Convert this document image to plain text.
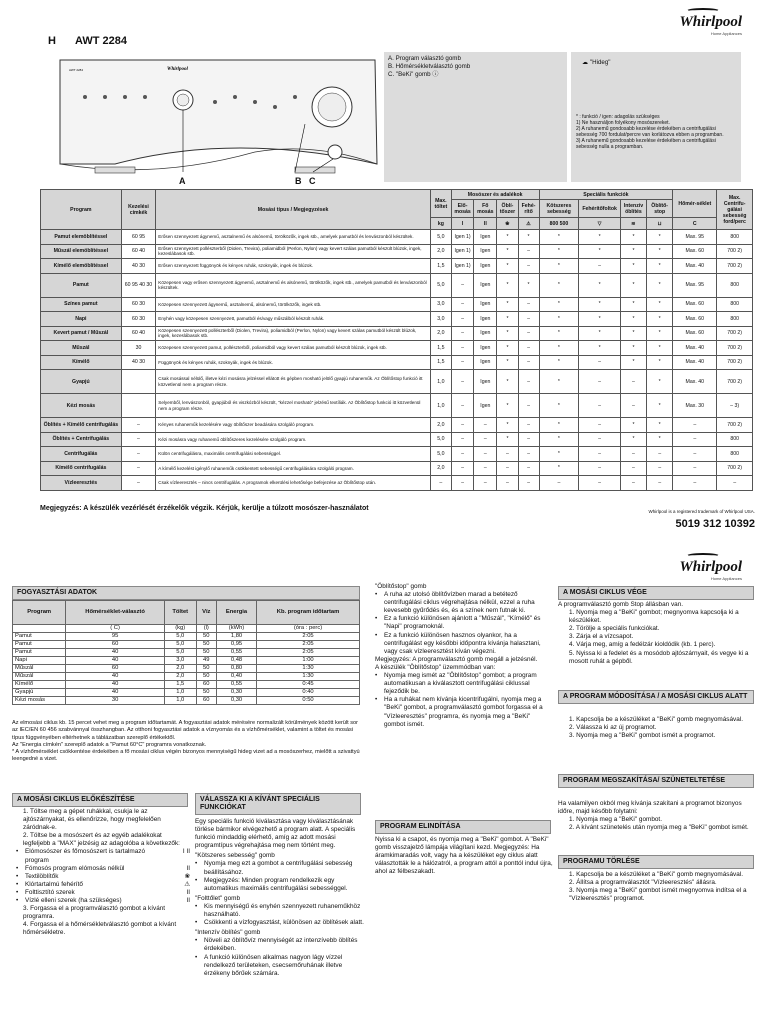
H AWT 2284
Whirlpool
Home Appliances
AWT 2284	Whirlpool
A	B C
A. Program választó gomb
B. Hőmérsékletválasztó gomb
C. "BeKi" gomb ⓘ
☁ "Hideg"
* : funkció / igen: adagolás szükséges
1) Ne használjon folyékony mosószereket.
2) A ruhanemű gondosabb kezelése érdekében a centrifugálási sebesség 700 fordulat/percre van korlátozva ebben a programban.
3) A ruhanemű gondosabb kezelése érdekében a centrifugálási sebesség nulla a programban.
Program	Kezelési címkék	Mosási típus / Megjegyzések	Max. töltet	Mosószer és adalékok				Speciális funkciók				Hőmér-séklet	Max. Centrifu-gálási sebesség ford/perc
				Elő-mosás	Fő mosás	Öblí-tőszer	Fehé-rítő	Kötszeres sebesség	Fehérítőfoltok	Intenzív öblítés	Öblítő-stop		
			kg	I	II	❀	⚠	800 500	▽	≋	⊔	C	
Pamut elemöblítéssel	60 95	Erősen szennyezett ágynemű, asztalnemű és alsónemű, törölközők, ingek stb., amelyek pamutból és lenvászonból készültek.	5,0	Igen 1)	Igen	*	*	*	*	*	*	Max. 95	800
Műszál elemöblítéssel	60 40	Erősen szennyezett pollészterből (Diolen, Trevira), poliamidból (Perlon, Nylon) vagy kevert szálas pamutból készült blúzok, ingek, kezeslábasok stb.	2,0	Igen 1)	Igen	*	–	*	*	*	*	Max. 60	700 2)
Kímélő elemöblítéssel	40 30	Erősen szennyezett függönyök és kényes ruhák, szoknyák, ingek és blúzok.	1,5	Igen 1)	Igen	*	–	*	–	*	*	Max. 40	700 2)
Pamut	60 95 40 30	Közepesen vagy erősen szennyezett ágynemű, asztalnemű és alsónemű, törölközők, ingek stb., amelyek pamutból és lenvászonból készültek.	5,0	–	Igen	*	*	*	*	*	*	Max. 95	800
Színes pamut	60 30	Közepesen szennyezett ágynemű, asztalnemű, alsónemű, törölközők, ingek stb.	3,0	–	Igen	*	–	*	*	*	*	Max. 60	800
Napi	60 30	Enyhén vagy közepesen szennyezett, pamutból és/vagy műszálból készült ruhák.	3,0	–	Igen	*	–	*	*	*	*	Max. 60	800
Kevert pamut / Műszál	60 40	Közepesen szennyezett pollészterből (Diolen, Trevira), poliamidból (Perlon, Nylon) vagy kevert szálas pamutból készült blúzok, ingek, kezeslábasok stb.	2,0	–	Igen	*	–	*	*	*	*	Max. 60	700 2)
Műszál	30	Közepesen szennyezett pamut, pollészterből, poliamidból vagy kevert szálas pamutból készült blúzok, ingek stb.	1,5	–	Igen	*	–	*	*	*	*	Max. 40	700 2)
Kímélő	40 30	Függönyök és kényes ruhák, szoknyák, ingek és blúzok.	1,5	–	Igen	*	–	*	–	*	*	Max. 40	700 2)
Gyapjú		Csak mosással nélülő, illetve kézi mosásra jelzéssel ellátott és gépben mosható jelölő gyapjú ruhaneműk. Az Öblítőstop funkció itt közvetlenül nem a program része.	1,0	–	Igen	*	–	*	–	–	*	Max. 40	700 2)
Kézi mosás		Selyemből, lenvászonból, gyapjúból és viszkózból készült, "kézzel mosható" jelzésű textíliák. Az Öblítőstop funkció itt közvetlenül nem a program része.	1,0	–	Igen	*	–	*	–	–	*	Max. 30	– 3)
Öblítés + Kímélő centrifugálás	–	Kényes ruhaneműk kezelésére vagy öblítőszer beadására szolgáló program.	2,0	–	–	*	–	*	–	*	*	–	700 2)
Öblítés + Centrifugálás	–	Kézi mosásra vagy ruhanemű öblítőszeres kezelésére szolgáló program.	5,0	–	–	*	–	*	–	*	*	–	800
Centrifugálás	–	Külön centrifugálásra, maximális centrifugálási sebességgel.	5,0	–	–	–	–	*	–	–	–	–	800
Kímélő centrifugálás	–	A kímélő kezelést igénylő ruhaneműk csökkentett sebességű centrifugálására szolgáló program.	2,0	–	–	–	–	*	–	–	–	–	700 2)
Vízleeresztés	–	Csak vízleeresztés – nincs centrifugálás. A programok elkerülési lehetősége befejezése az Öblítőstop után.	–	–	–	–	–	–	–	–	–	–	–
Megjegyzés: A készülék vezérlését érzékelők végzik. Kérjük, kerülje a túlzott mosószer-használatot	Whirlpool is a registered trademark of Whirlpool USA.
5019 312 10392
Whirlpool
Home Appliances
FOGYASZTÁSI ADATOK
Program	Hőmérséklet-választó	Töltet	Víz	Energia	Kb. program időtartam
	( C)	(kg)	(l)	(kWh)	(óra : perc)
Pamut	95	5,0	50	1,80	2:05
Pamut	60	5,0	50	0,95	2:05
Pamut	40	5,0	50	0,55	2:05
Napi	40	3,0	49	0,48	1:00
Műszál	60	2,0	50	0,80	1:30
Műszál	40	2,0	50	0,40	1:30
Kímélő	40	1,5	60	0,55	0:45
Gyapjú	40	1,0	50	0,30	0:40
Kézi mosás	30	1,0	60	0,30	0:50
Az elmosási ciklus kb. 15 percet vehet meg a program időtartamát. A fogyasztási adatok mérésére normalizált körülmények között került sor az IEC/EN 60 456 szabvánnyal összhangban. Az otthoni fogyasztási adatok a víznyomás és a vízhőmérséklet, valamint a töltet és mosási típus függvényében eltérhetnek a táblázatban szereplő értékektől.
Az "Energia címkén" szereplő adatok a "Pamut 60°C" programra vonatkoznak.
* A vízhőmérséklet csökkentése érdekében a fő mosási ciklus végén bizonyos mennyiségű hideg vizet ad a mosószerhez, mielőtt a szivattyú leengedné a vizet.
A MOSÁSI CIKLUS ELŐKÉSZÍTÉSE
1. Töltse meg a gépet ruhákkal, csukja le az ajtószárnyakat, és ellenőrizze, hogy megfelelően záródnak-e.
2. Töltse be a mosószert és az egyéb adalékokat legfeljebb a "MAX" jelzésig az adagolóba a következők:
• Elómosószer és főmosószert is tartalmazó program
I II
• Fómosós program elómosás nélkül	II
• Textilöblítők	❀
• Klórtartalmú fehérítő	⚠
• Folttisztító szerek	II
• Vízlé elleni szerek (ha szükséges)	II
3. Forgassa el a programválasztó gombot a kívánt programra.
4. Forgassa el a hőmérsékletválasztó gombot a kívánt hőmérsékletre.
VÁLASSZA KI A KÍVÁNT SPECIÁLIS FUNKCIÓKAT
Egy speciális funkció kiválasztása vagy kiválasztásának törlése bármikor elvégezhető a program alatt. A speciális funkció mindaddig elérhető, amíg az adott mosási programtípus végrehajtása meg nem történt meg.
"Kötszeres sebesség" gomb
• Nyomja meg ezt a gombot a centrifugálási sebesség beállításához.
• Megjegyzés: Minden program rendelkezik egy automatikus maximális centrifugálási sebességgel.
"Folttőlet" gomb
• Kis mennyiségű és enyhén szennyezett ruhaneműkhöz használható.
• Csökkenti a vízfogyasztást, különösen az öblítések alatt.
"Intenzív öblítés" gomb
• Növeli az öblítővíz mennyiségét az intenzívebb öblítés érdekében.
• A funkció különösen alkalmas nagyon lágy vízzel rendelkező területeken, csecsemőruhának illetve érzékeny bőrűek számára.
"Öblítőstop" gomb
• A ruha az utolsó öblítővízben marad a betétező centrifugálási ciklus végrehajtása nélkül, ezzel a ruha kevesebb gyűrődés és, és a színek nem futnak ki.
• Ez a funkció különösen ajánlott a "Műszál", "Kímélő" és "Napi" programoknál.
• Ez a funkció különösen hasznos olyankor, ha a centrifugálást egy későbbi időpontra kívánja halasztani, vagy csak vízleeresztést kíván végezni.
Megjegyzés: A programválasztó gomb megáll a jelzésnél.
A készülék "Öblítőstop" üzemmódban van:
• Nyomja meg ismét az "Öblítőstop" gombot; a program automatikusan a kiválasztott centrifugálási ciklussal fejeződik be.
• Ha a ruhákat nem kívánja kicentrifugálni, nyomja meg a "BeKi" gombot, a programválasztó gombot forgassa el a "Vízleeresztés" programra, és nyomja meg a "BeKi" gombot ismét.
PROGRAM ELINDÍTÁSA
Nyissa ki a csapot, és nyomja meg a "BeKi" gombot. A "BeKi" gomb visszajelző lámpája világítani kezd. Megjegyzés: Ha áramkimaradás volt, vagy ha a készüléket egy ciklus alatt választották le a hálózatról, a program attól a ponttól indul újra, ahol az félbeszakadt.
A MOSÁSI CIKLUS VÉGE
A programválasztó gomb Stop állásban van.
1. Nyomja meg a "BeKi" gombot; megnyomva kapcsolja ki a készüléket.
2. Törölje a speciális funkciókat.
3. Zárja el a vízcsapot.
4. Várja meg, amíg a fedélzár kioldódik (kb. 1 perc).
5. Nyissa ki a fedelet és a mosódob ajtószárnyait, és vegye ki a mosott ruhát a gépből.
A PROGRAM MÓDOSÍTÁSA / A MOSÁSI CIKLUS ALATT
1. Kapcsolja be a készüléket a "BeKi" gomb megnyomásával.
2. Válassza ki az új programot.
3. Nyomja meg a "BeKi" gombot ismét a programot.
PROGRAM MEGSZAKÍTÁSA/ SZÜNETELTETÉSE
Ha valamilyen okból meg kívánja szakítani a programot bizonyos időre, majd később folytatni:
1. Nyomja meg a "BeKi" gombot.
2. A kívánt szünetelés után nyomja meg a "BeKi" gombot ismét.
PROGRAMU TÖRLÉSE
1. Kapcsolja be a készüléket a "BeKi" gomb megnyomásával.
2. Állítsa a programválasztót "Vízleeresztés" állásra.
3. Nyomja meg a "BeKi" gombot ismét megnyomva indítsa el a "Vízleeresztés" programot.
